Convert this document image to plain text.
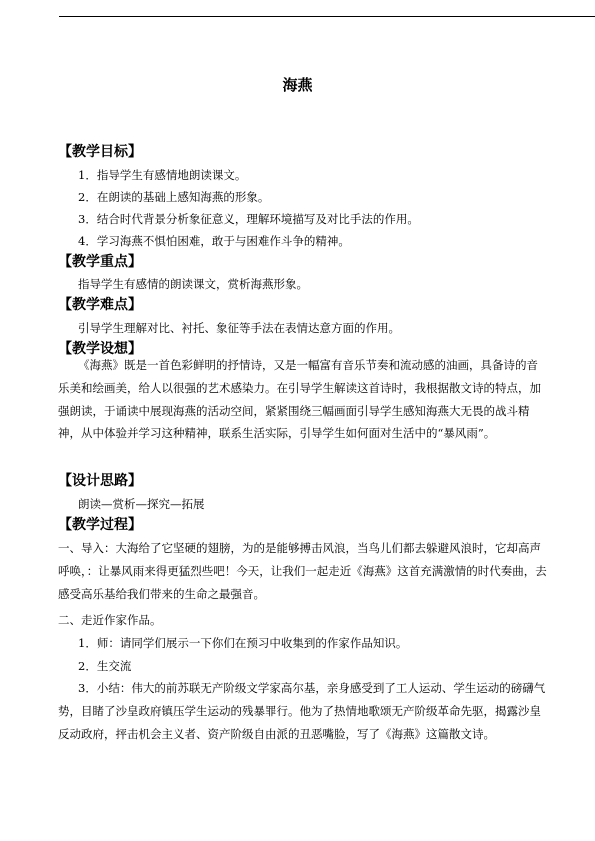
海燕
【教学目标】
1．指导学生有感情地朗读课文。
2．在朗读的基础上感知海燕的形象。
3．结合时代背景分析象征意义，理解环境描写及对比手法的作用。
4．学习海燕不惧怕困难，敢于与困难作斗争的精神。
【教学重点】
指导学生有感情的朗读课文，赏析海燕形象。
【教学难点】
引导学生理解对比、衬托、象征等手法在表情达意方面的作用。
【教学设想】
《海燕》既是一首色彩鲜明的抒情诗，又是一幅富有音乐节奏和流动感的油画，具备诗的音乐美和绘画美，给人以很强的艺术感染力。在引导学生解读这首诗时，我根据散文诗的特点，加强朗读，于诵读中展现海燕的活动空间，紧紧围绕三幅画面引导学生感知海燕大无畏的战斗精神，从中体验并学习这种精神，联系生活实际，引导学生如何面对生活中的“暴风雨”。
【设计思路】
朗读—赏析—探究—拓展
【教学过程】
一、导入：大海给了它坚硬的翅膀，为的是能够搏击风浪，当鸟儿们都去躲避风浪时，它却高声呼唤，：让暴风雨来得更猛烈些吧！今天，让我们一起走近《海燕》这首充满激情的时代奏曲，去感受高乐基给我们带来的生命之最强音。
二、走近作家作品。
1．师：请同学们展示一下你们在预习中收集到的作家作品知识。
2．生交流
3．小结：伟大的前苏联无产阶级文学家高尔基，亲身感受到了工人运动、学生运动的磅礴气势，目睹了沙皇政府镇压学生运动的残暴罪行。他为了热情地歌颂无产阶级革命先驱，揭露沙皇反动政府，抨击机会主义者、资产阶级自由派的丑恶嘴脸，写了《海燕》这篇散文诗。
